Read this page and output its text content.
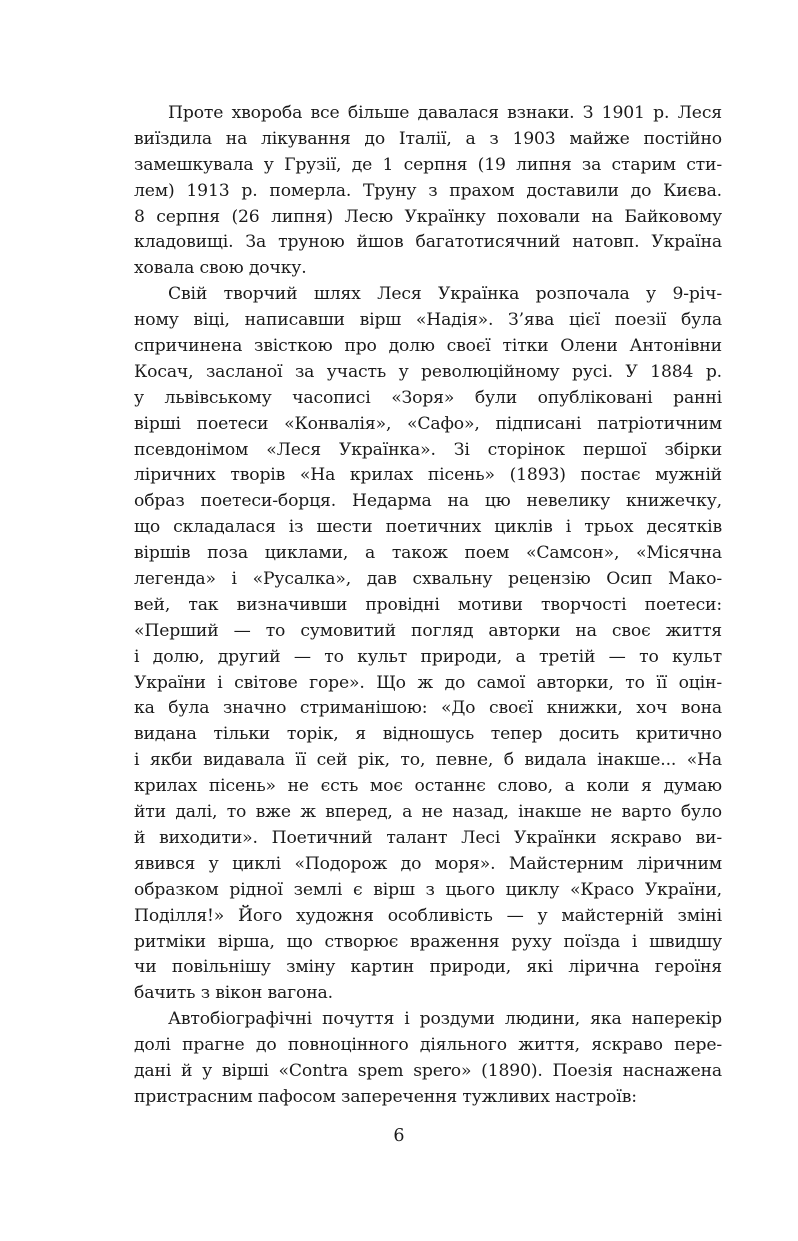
Проте хвороба все більше давалася взнаки. З 1901 р. Леся
виїздила на лікування до Італії, а з 1903 майже постійно
замешкувала у Грузії, де 1 серпня (19 липня за старим сти-
лем) 1913 р. померла. Труну з прахом доставили до Києва.
8 серпня (26 липня) Лесю Українку поховали на Байковому
кладовищі. За труною йшов багатотисячний натовп. Україна
ховала свою дочку.
Свій творчий шлях Леся Українка розпочала у 9-річ-
ному віці, написавши вірш «Надія». З’ява цієї поезії була
спричинена звісткою про долю своєї тітки Олени Антонівни
Косач, засланої за участь у революційному русі. У 1884 р.
у львівському часописі «Зоря» були опубліковані ранні
вірші поетеси «Конвалія», «Сафо», підписані патріотичним
псевдонімом «Леся Українка». Зі сторінок першої збірки
ліричних творів «На крилах пісень» (1893) постає мужній
образ поетеси-борця. Недарма на цю невелику книжечку,
що складалася із шести поетичних циклів і трьох десятків
віршів поза циклами, а також поем «Самсон», «Місячна
легенда» і «Русалка», дав схвальну рецензію Осип Мако-
вей, так визначивши провідні мотиви творчості поетеси:
«Перший — то сумовитий погляд авторки на своє життя
і долю, другий — то культ природи, а третій — то культ
України і світове горе». Що ж до самої авторки, то її оцін-
ка була значно стриманішою: «До своєї книжки, хоч вона
видана тільки торік, я відношусь тепер досить критично
і якби видавала її сей рік, то, певне, б видала інакше... «На
крилах пісень» не єсть моє останнє слово, а коли я думаю
йти далі, то вже ж вперед, а не назад, інакше не варто було
й виходити». Поетичний талант Лесі Українки яскраво ви-
явився у циклі «Подорож до моря». Майстерним ліричним
образком рідної землі є вірш з цього циклу «Красо України,
Поділля!» Його художня особливість — у майстерній зміні
ритміки вірша, що створює враження руху поїзда і швидшу
чи повільнішу зміну картин природи, які лірична героїня
бачить з вікон вагона.
Автобіографічні почуття і роздуми людини, яка наперекір
долі прагне до повноцінного діяльного життя, яскраво пере-
дані й у вірші «Contra spem spero» (1890). Поезія наснажена
пристрасним пафосом заперечення тужливих настроїв:
6
